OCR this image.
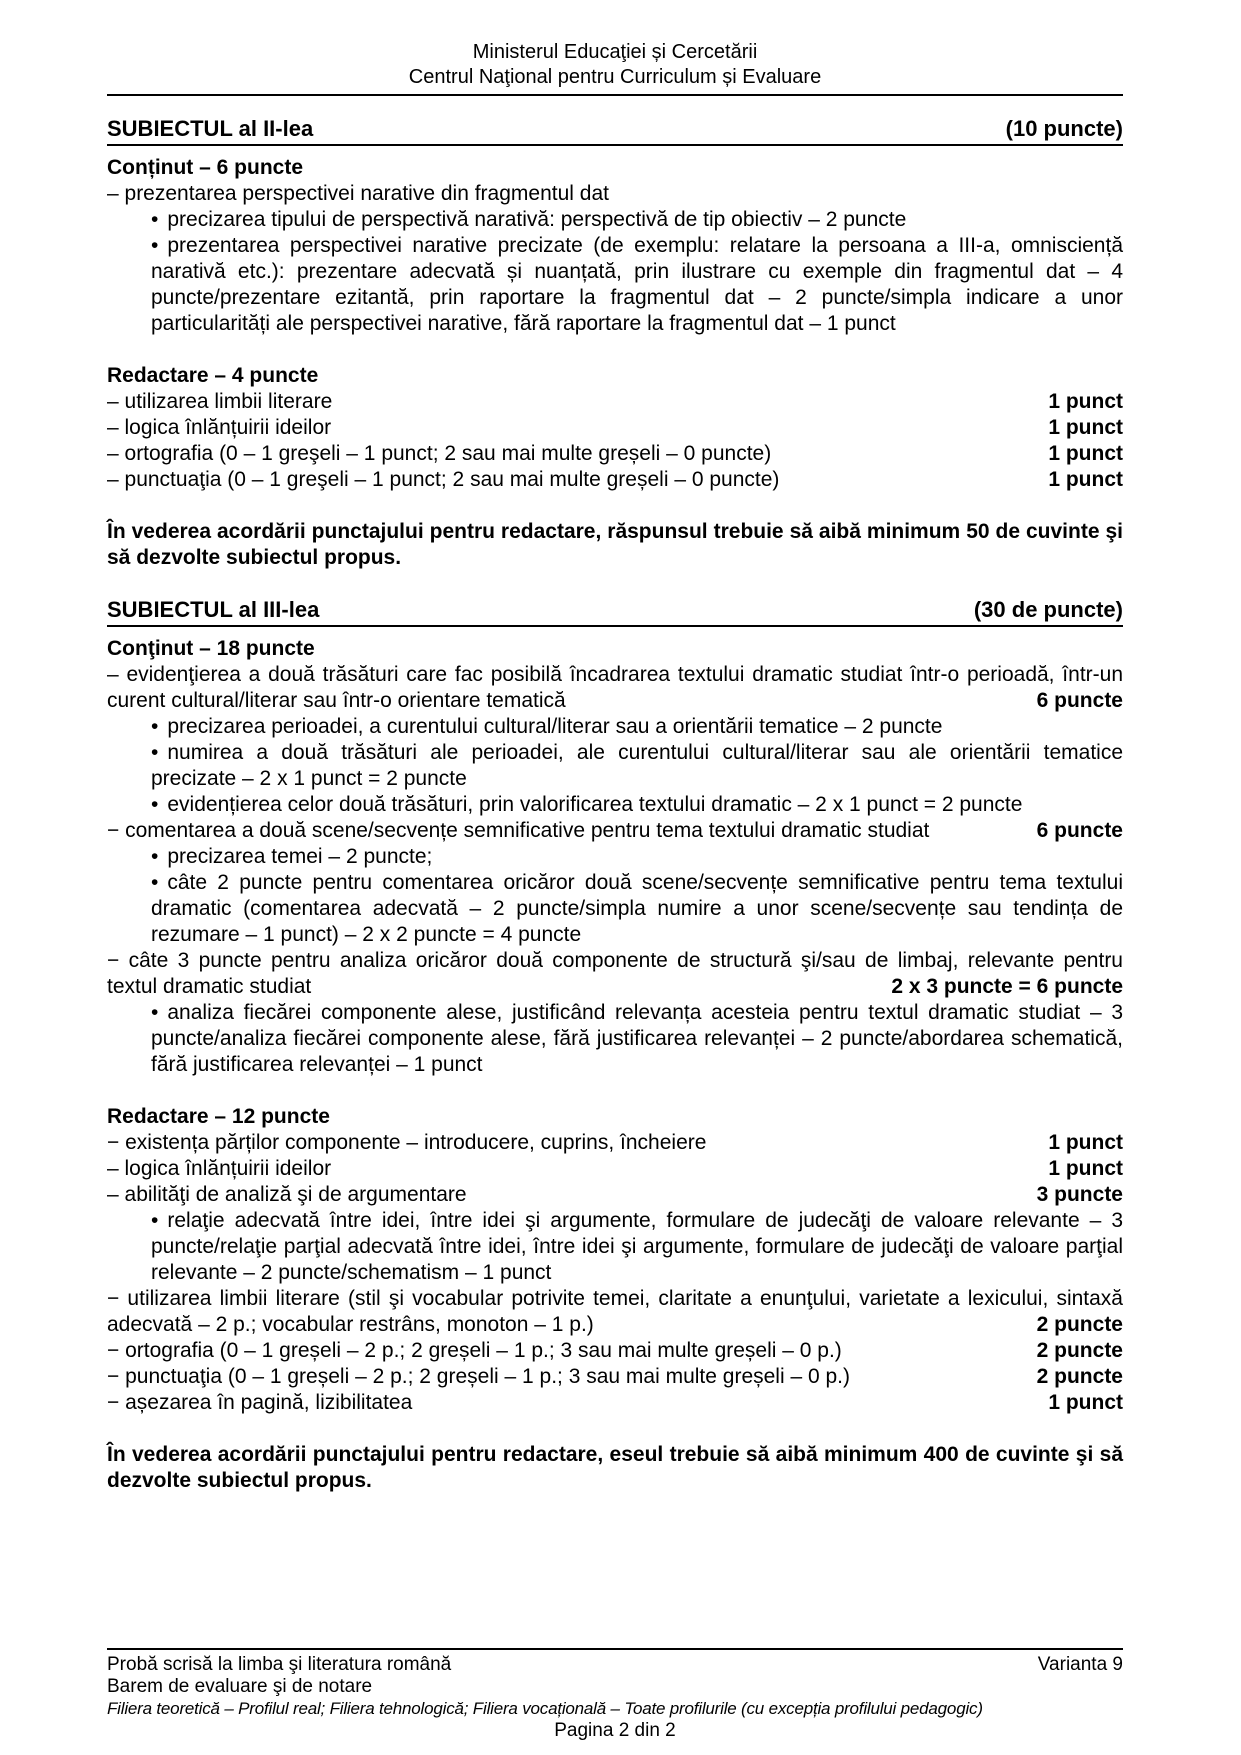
Ministerul Educaţiei și Cercetării
Centrul Naţional pentru Curriculum și Evaluare
SUBIECTUL al II-lea	(10 puncte)
Conținut – 6 puncte
– prezentarea perspectivei narative din fragmentul dat
• precizarea tipului de perspectivă narativă: perspectivă de tip obiectiv – 2 puncte
• prezentarea perspectivei narative precizate (de exemplu: relatare la persoana a III-a, omnisciență narativă etc.): prezentare adecvată și nuanțată, prin ilustrare cu exemple din fragmentul dat – 4 puncte/prezentare ezitantă, prin raportare la fragmentul dat – 2 puncte/simpla indicare a unor particularități ale perspectivei narative, fără raportare la fragmentul dat – 1 punct
Redactare – 4 puncte
– utilizarea limbii literare	1 punct
– logica înlănțuirii ideilor	1 punct
– ortografia (0 – 1 greşeli – 1 punct; 2 sau mai multe greșeli – 0 puncte)	1 punct
– punctuaţia (0 – 1 greşeli – 1 punct; 2 sau mai multe greșeli – 0 puncte)	1 punct
În vederea acordării punctajului pentru redactare, răspunsul trebuie să aibă minimum 50 de cuvinte şi să dezvolte subiectul propus.
SUBIECTUL al III-lea	(30 de puncte)
Conţinut – 18 puncte
– evidenţierea a două trăsături care fac posibilă încadrarea textului dramatic studiat într-o perioadă, într-un curent cultural/literar sau într-o orientare tematică	6 puncte
• precizarea perioadei, a curentului cultural/literar sau a orientării tematice – 2 puncte
• numirea a două trăsături ale perioadei, ale curentului cultural/literar sau ale orientării tematice precizate – 2 x 1 punct = 2 puncte
• evidențierea celor două trăsături, prin valorificarea textului dramatic – 2 x 1 punct = 2 puncte
− comentarea a două scene/secvențe semnificative pentru tema textului dramatic studiat	6 puncte
• precizarea temei – 2 puncte;
• câte 2 puncte pentru comentarea oricăror două scene/secvențe semnificative pentru tema textului dramatic (comentarea adecvată – 2 puncte/simpla numire a unor scene/secvențe sau tendința de rezumare – 1 punct) – 2 x 2 puncte = 4 puncte
− câte 3 puncte pentru analiza oricăror două componente de structură şi/sau de limbaj, relevante pentru textul dramatic studiat	2 x 3 puncte = 6 puncte
• analiza fiecărei componente alese, justificând relevanța acesteia pentru textul dramatic studiat – 3 puncte/analiza fiecărei componente alese, fără justificarea relevanței – 2 puncte/abordarea schematică, fără justificarea relevanței – 1 punct
Redactare – 12 puncte
− existența părților componente – introducere, cuprins, încheiere	1 punct
– logica înlănțuirii ideilor	1 punct
– abilităţi de analiză şi de argumentare	3 puncte
• relaţie adecvată între idei, între idei şi argumente, formulare de judecăţi de valoare relevante – 3 puncte/relaţie parţial adecvată între idei, între idei şi argumente, formulare de judecăţi de valoare parţial relevante – 2 puncte/schematism – 1 punct
− utilizarea limbii literare (stil şi vocabular potrivite temei, claritate a enunţului, varietate a lexicului, sintaxă adecvată – 2 p.; vocabular restrâns, monoton – 1 p.)	2 puncte
− ortografia (0 – 1 greșeli – 2 p.; 2 greșeli – 1 p.; 3 sau mai multe greșeli – 0 p.)	2 puncte
− punctuaţia (0 – 1 greșeli – 2 p.; 2 greșeli – 1 p.; 3 sau mai multe greșeli – 0 p.)	2 puncte
− așezarea în pagină, lizibilitatea	1 punct
În vederea acordării punctajului pentru redactare, eseul trebuie să aibă minimum 400 de cuvinte şi să dezvolte subiectul propus.
Probă scrisă la limba şi literatura română	Varianta 9
Barem de evaluare şi de notare
Filiera teoretică – Profilul real; Filiera tehnologică; Filiera vocațională – Toate profilurile (cu excepția profilului pedagogic)
Pagina 2 din 2
